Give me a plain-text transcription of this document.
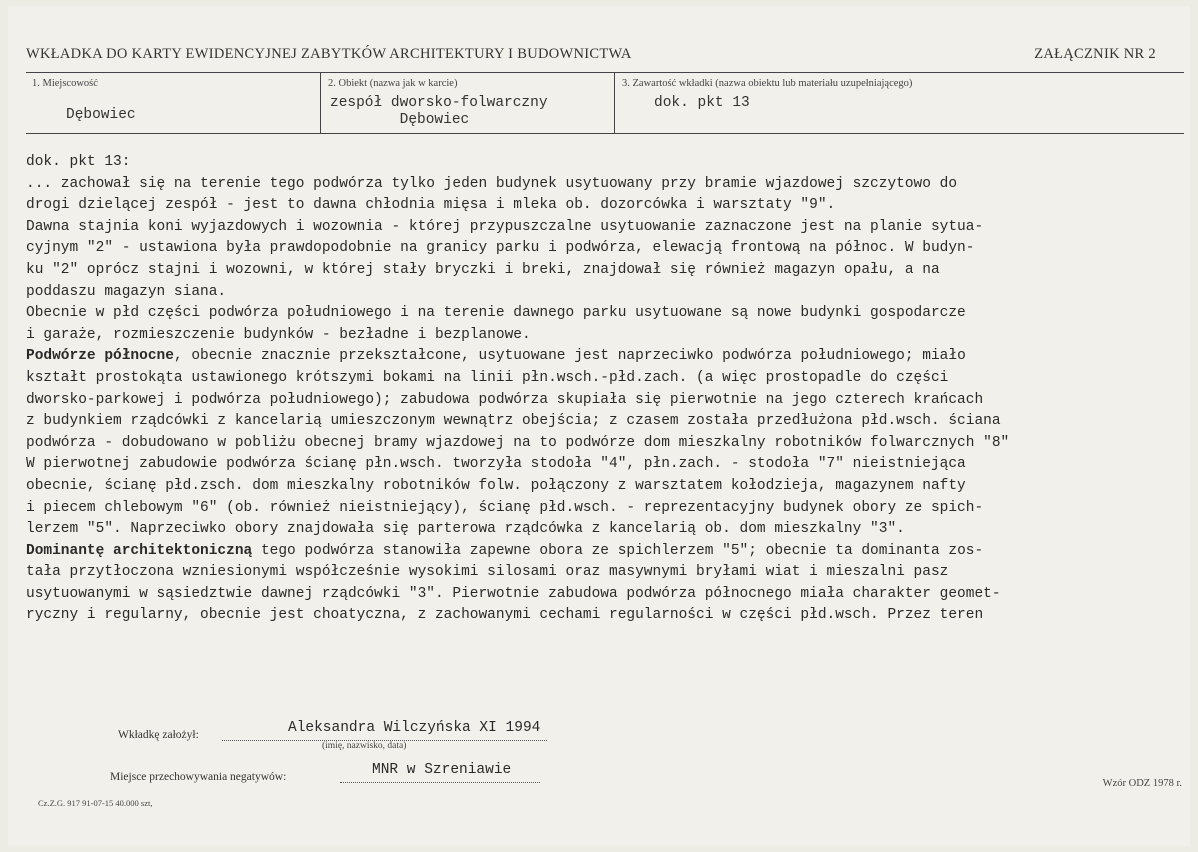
WKŁADKA DO KARTY EWIDENCYJNEJ ZABYTKÓW ARCHITEKTURY I BUDOWNICTWA	ZAŁĄCZNIK NR 2
1. Miejscowość
Dębowiec
2. Obiekt (nazwa jak w karcie)
zespół dworsko-folwarczny
Dębowiec
3. Zawartość wkładki (nazwa obiektu lub materiału uzupełniającego)
dok. pkt 13
dok. pkt 13:
... zachował się na terenie tego podwórza tylko jeden budynek usytuowany przy bramie wjazdowej szczytowo do
drogi dzielącej zespół - jest to dawna chłodnia mięsa i mleka ob. dozorcówka i warsztaty "9".
Dawna stajnia koni wyjazdowych i wozownia - której przypuszczalne usytuowanie zaznaczone jest na planie sytua-
cyjnym "2" - ustawiona była prawdopodobnie na granicy parku i podwórza, elewacją frontową na północ. W budyn-
ku "2" oprócz stajni i wozowni, w której stały bryczki i breki, znajdował się również magazyn opału, a na
poddaszu magazyn siana.
Obecnie w płd części podwórza południowego i na terenie dawnego parku usytuowane są nowe budynki gospodarcze
i garaże, rozmieszczenie budynków - bezładne i bezplanowe.
Podwórze północne, obecnie znacznie przekształcone, usytuowane jest naprzeciwko podwórza południowego; miało
kształt prostokąta ustawionego krótszymi bokami na linii płn.wsch.-płd.zach. (a więc prostopadle do części
dworsko-parkowej i podwórza południowego); zabudowa podwórza skupiała się pierwotnie na jego czterech krańcach
z budynkiem rządcówki z kancelarią umieszczonym wewnątrz obejścia; z czasem została przedłużona płd.wsch. ściana
podwórza - dobudowano w pobliżu obecnej bramy wjazdowej na to podwórze dom mieszkalny robotników folwarcznych "8"
W pierwotnej zabudowie podwórza ścianę płn.wsch. tworzyła stodoła "4", płn.zach. - stodoła "7" nieistniejąca
obecnie, ścianę płd.zsch. dom mieszkalny robotników folw. połączony z warsztatem kołodzieja, magazynem nafty
i piecem chlebowym "6" (ob. również nieistniejący), ścianę płd.wsch. - reprezentacyjny budynek obory ze spich-
lerzem "5". Naprzeciwko obory znajdowała się parterowa rządcówka z kancelarią ob. dom mieszkalny "3".
Dominantę architektoniczną tego podwórza stanowiła zapewne obora ze spichlerzem "5"; obecnie ta dominanta zos-
tała przytłoczona wzniesionymi współcześnie wysokimi silosami oraz masywnymi bryłami wiat i mieszalni pasz
usytuowanymi w sąsiedztwie dawnej rządcówki "3". Pierwotnie zabudowa podwórza północnego miała charakter geomet-
ryczny i regularny, obecnie jest choatyczna, z zachowanymi cechami regularności w części płd.wsch. Przez teren
Wkładkę założył:	Aleksandra Wilczyńska XI 1994
(imię, nazwisko, data)
Miejsce przechowywania negatywów:	MNR w Szreniawie
Wzór ODZ 1978 r.
Cz.Z.G. 917 91-07-15 40.000 szt,
